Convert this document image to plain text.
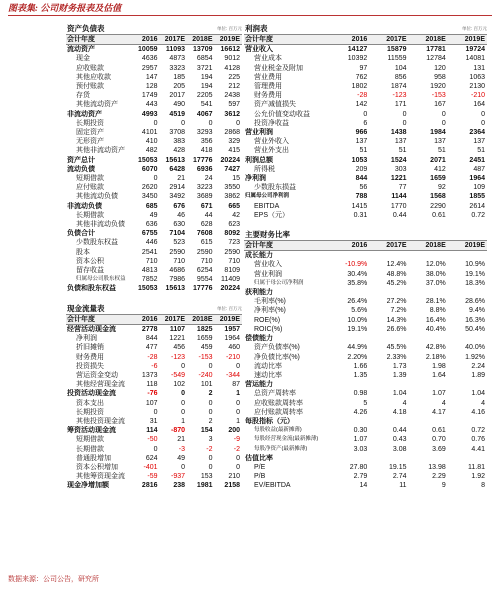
图表集: 公司财务报表及估值
资产负债表			单位: 百万元	
会计年度	2016	2017E	2018E	2019E
流动资产	10059	11093	13709	16612
现金	4636	4873	6854	9012
应收账款	2957	3323	3721	4128
其他应收款	147	185	194	225
预付账款	128	205	194	212
存货	1749	2017	2205	2438
其他流动资产	443	490	541	597
非流动资产	4993	4519	4067	3612
长期投资	0	0	0	0
固定资产	4101	3708	3293	2868
无形资产	410	383	356	329
其他非流动资产	482	428	418	415
资产总计	15053	15613	17776	20224
流动负债	6070	6428	6936	7427
短期借款	0	21	24	15
应付账款	2620	2914	3223	3550
其他流动负债	3450	3492	3689	3862
非流动负债	685	676	671	665
长期借款	49	46	44	42
其他非流动负债	636	630	628	623
负债合计	6755	7104	7608	8092
少数股东权益	446	523	615	723
股本	2541	2590	2590	2590
资本公积	710	710	710	710
留存收益	4813	4686	6254	8109
归属母公司股东权益	7852	7986	9554	11409
负债和股东权益	15053	15613	17776	20224
现金流量表			单位: 百万元	
会计年度	2016	2017E	2018E	2019E
经营活动现金流	2778	1107	1825	1957
净利润	844	1221	1659	1964
折旧摊销	477	456	459	460
财务费用	-28	-123	-153	-210
投资损失	-6	0	0	0
营运资金变动	1373	-549	-240	-344
其他经营现金流	118	102	101	87
投资活动现金流	-76	0	2	1
资本支出	107	0	0	0
长期投资	0	0	0	0
其他投资现金流	31	1	2	1
筹资活动现金流	114	-870	154	200
短期借款	-50	21	3	-9
长期借款	0	-3	-2	-2
普通股增加	624	49	0	0
资本公积增加	-401	0	0	0
其他筹资现金流	-59	-937	153	210
现金净增加额	2816	238	1981	2158
利润表			单位: 百万元	
会计年度	2016	2017E	2018E	2019E
营业收入	14127	15879	17781	19724
营业成本	10392	11559	12784	14081
营业税金及附加	97	104	120	131
营业费用	762	856	958	1063
管理费用	1802	1874	1920	2130
财务费用	-28	-123	-153	-210
资产减值损失	142	171	167	164
公允价值变动收益	0	0	0	0
投资净收益	6	0	0	0
营业利润	966	1438	1984	2364
营业外收入	137	137	137	137
营业外支出	51	51	51	51
利润总额	1053	1524	2071	2451
所得税	209	303	412	487
净利润	844	1221	1659	1964
少数股东损益	56	77	92	109
归属母公司净利润	788	1144	1568	1855
EBITDA	1415	1770	2290	2614
EPS（元）	0.31	0.44	0.61	0.72
主要财务比率				
会计年度	2016	2017E	2018E	2019E
成长能力				
营业收入	-10.9%	12.4%	12.0%	10.9%
营业利润	30.4%	48.8%	38.0%	19.1%
归属于母公司净利润	35.8%	45.2%	37.0%	18.3%
获利能力				
毛利率(%)	26.4%	27.2%	28.1%	28.6%
净利率(%)	5.6%	7.2%	8.8%	9.4%
ROE(%)	10.0%	14.3%	16.4%	16.3%
ROIC(%)	19.1%	26.6%	40.4%	50.4%
偿债能力				
资产负债率(%)	44.9%	45.5%	42.8%	40.0%
净负债比率(%)	2.20%	2.33%	2.18%	1.92%
流动比率	1.66	1.73	1.98	2.24
速动比率	1.35	1.39	1.64	1.89
营运能力				
总资产周转率	0.98	1.04	1.07	1.04
应收账款周转率	5	4	4	4
应付账款周转率	4.26	4.18	4.17	4.16
每股指标（元）				
每股收益(最新摊薄)	0.30	0.44	0.61	0.72
每股经营现金流(最新摊薄)	1.07	0.43	0.70	0.76
每股净资产(最新摊薄)	3.03	3.08	3.69	4.41
估值比率				
P/E	27.80	19.15	13.98	11.81
P/B	2.79	2.74	2.29	1.92
EV/EBITDA	14	11	9	8
数据来源：公司公告，研究所
